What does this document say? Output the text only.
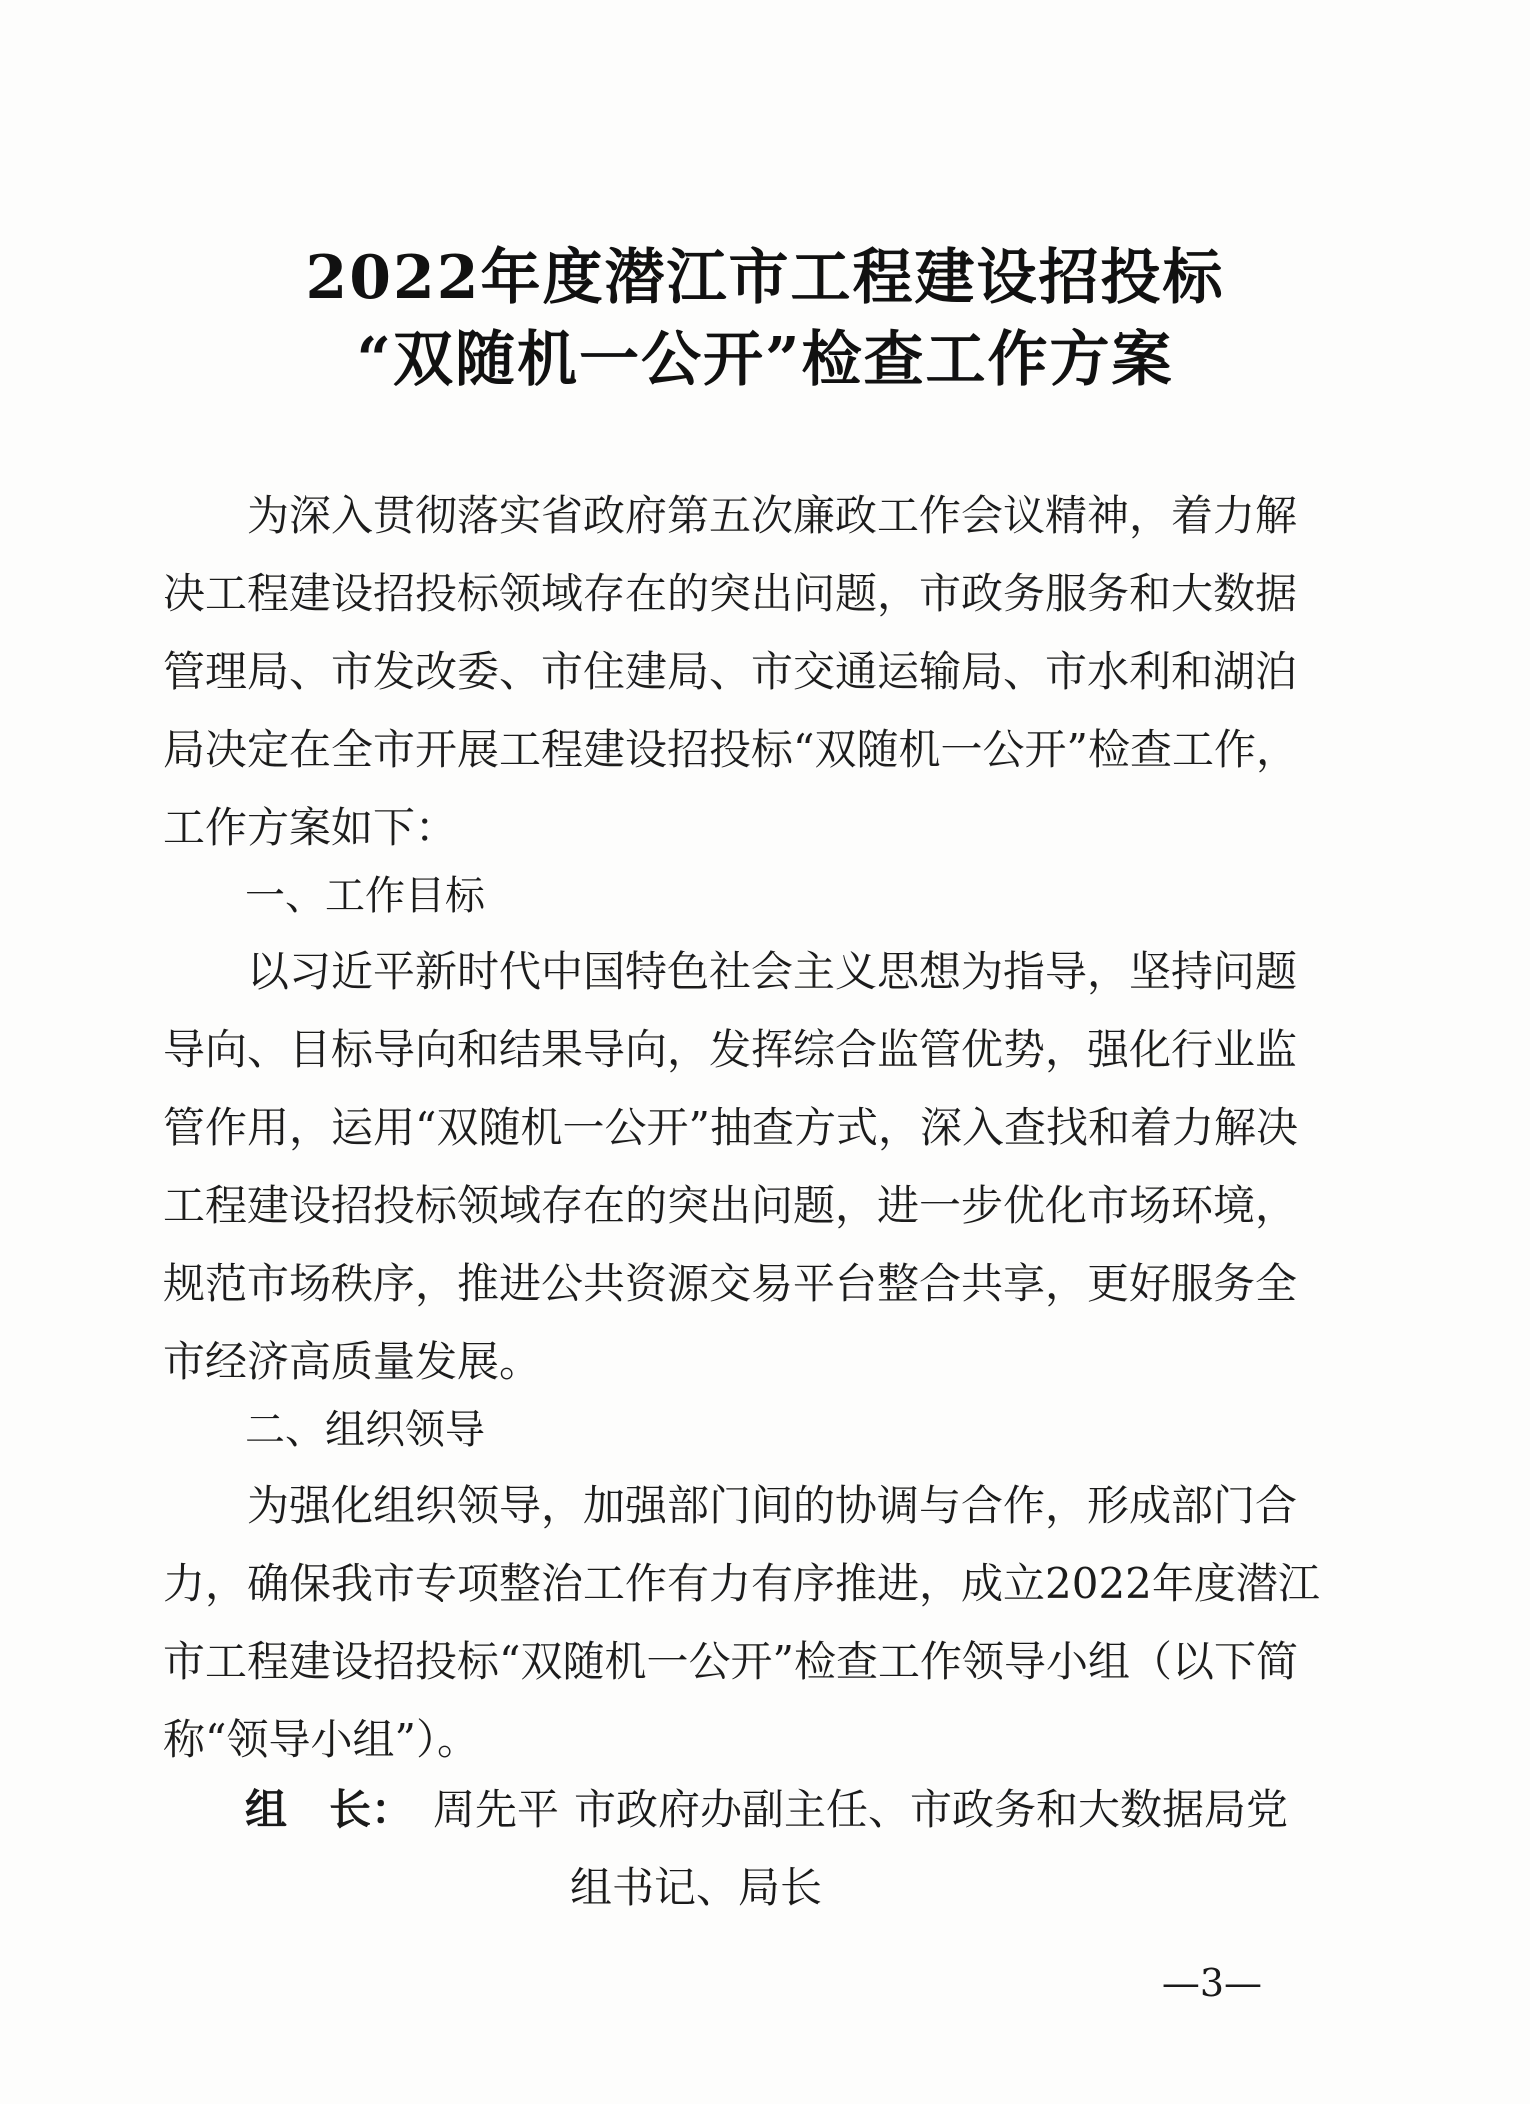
2022年度潜江市工程建设招投标
“双随机一公开”检查工作方案
为深入贯彻落实省政府第五次廉政工作会议精神，着力解
决工程建设招投标领域存在的突出问题，市政务服务和大数据
管理局、市发改委、市住建局、市交通运输局、市水利和湖泊
局决定在全市开展工程建设招投标“双随机一公开”检查工作，
工作方案如下：
一、工作目标
以习近平新时代中国特色社会主义思想为指导，坚持问题
导向、目标导向和结果导向，发挥综合监管优势，强化行业监
管作用，运用“双随机一公开”抽查方式，深入查找和着力解决
工程建设招投标领域存在的突出问题，进一步优化市场环境，
规范市场秩序，推进公共资源交易平台整合共享，更好服务全
市经济高质量发展。
二、组织领导
为强化组织领导，加强部门间的协调与合作，形成部门合
力，确保我市专项整治工作有力有序推进，成立2022年度潜江
市工程建设招投标“双随机一公开”检查工作领导小组（以下简
称“领导小组”）。
组　长： 周先平 市政府办副主任、市政务和大数据局党
组书记、局长
—3—
